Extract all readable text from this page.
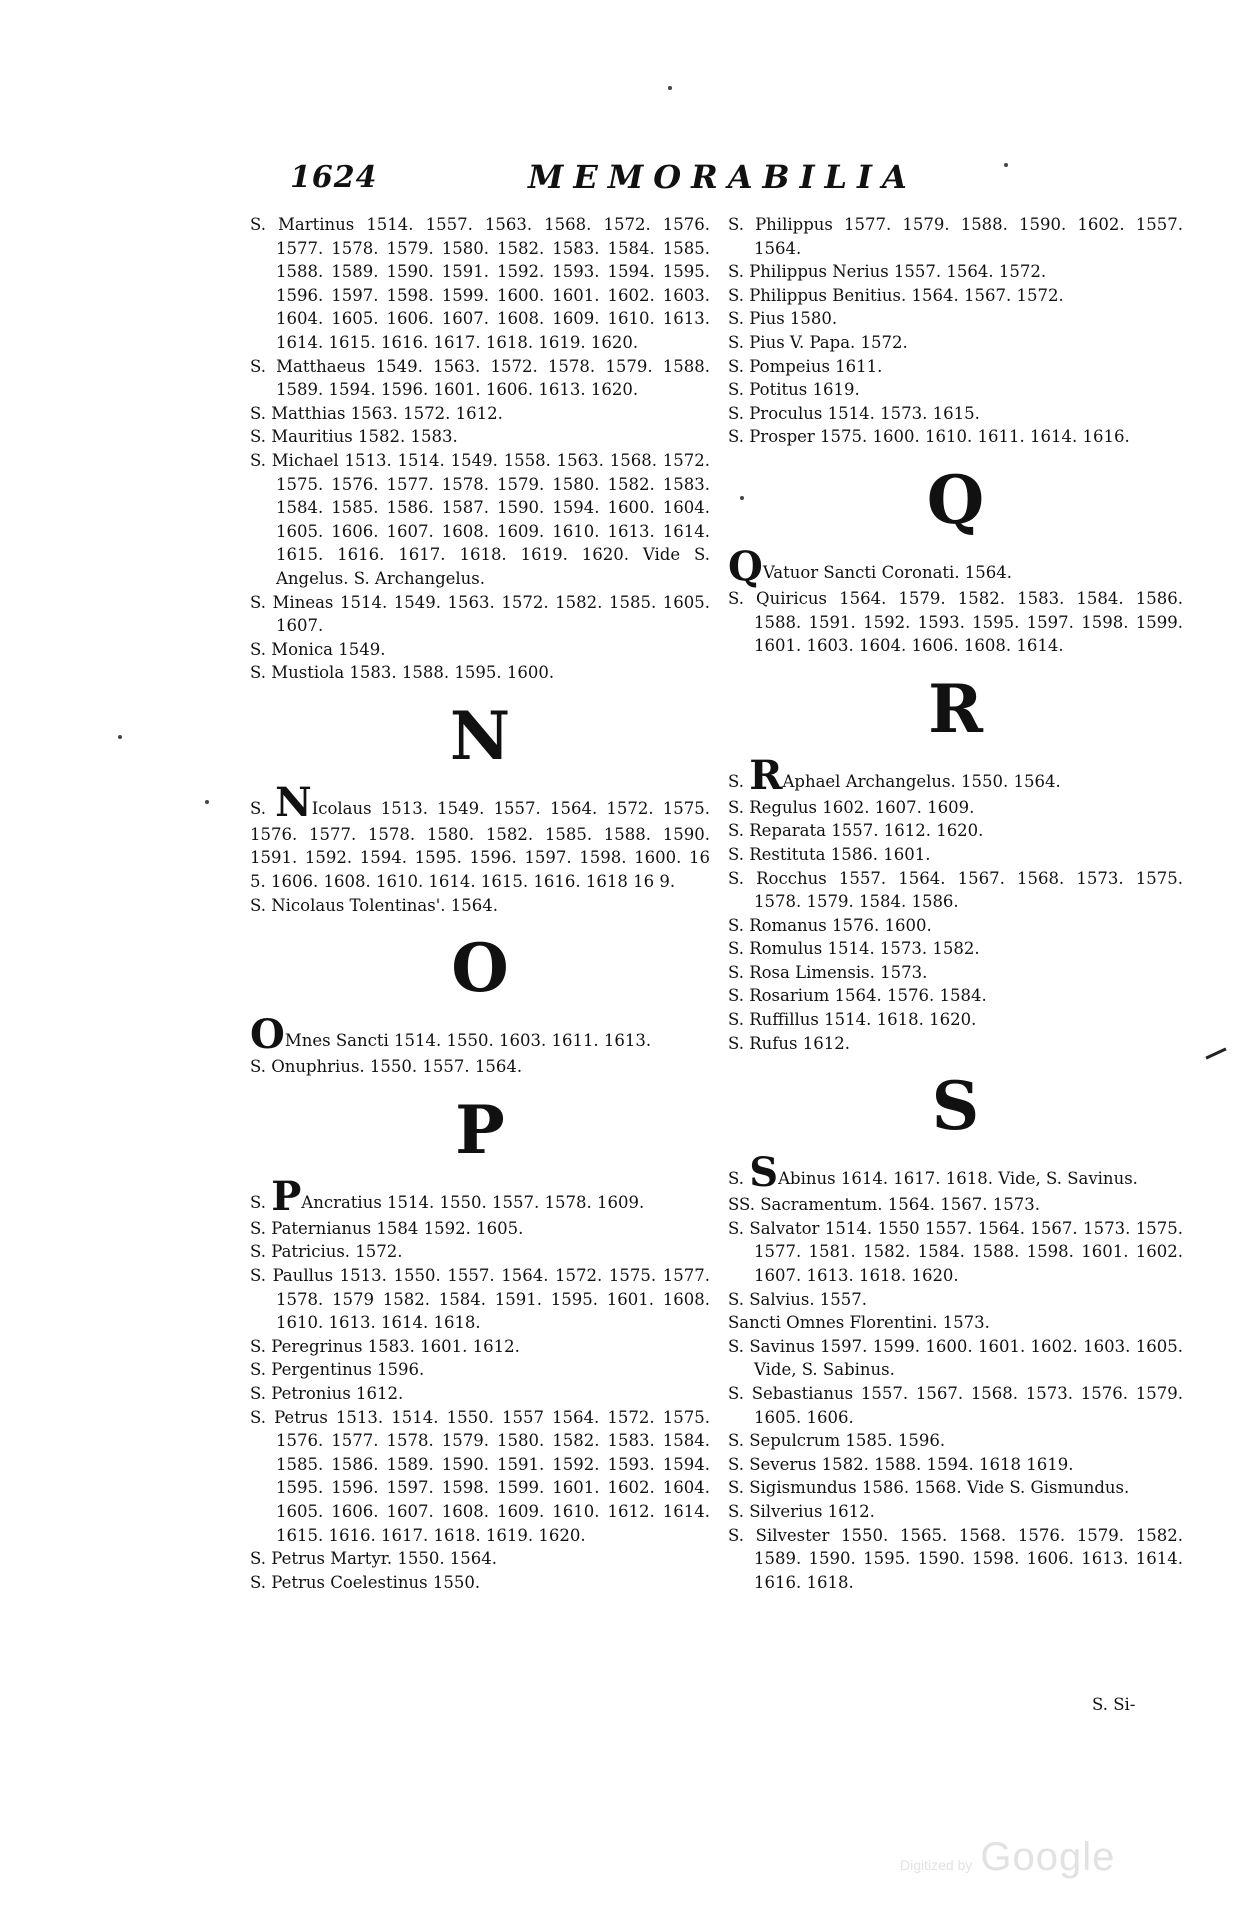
1624	MEMORABILIA
S. Martinus 1514. 1557. 1563. 1568. 1572. 1576. 1577. 1578. 1579. 1580. 1582. 1583. 1584. 1585. 1588. 1589. 1590. 1591. 1592. 1593. 1594. 1595. 1596. 1597. 1598. 1599. 1600. 1601. 1602. 1603. 1604. 1605. 1606. 1607. 1608. 1609. 1610. 1613. 1614. 1615. 1616. 1617. 1618. 1619. 1620.
S. Matthaeus 1549. 1563. 1572. 1578. 1579. 1588. 1589. 1594. 1596. 1601. 1606. 1613. 1620.
S. Matthias 1563. 1572. 1612.
S. Mauritius 1582. 1583.
S. Michael 1513. 1514. 1549. 1558. 1563. 1568. 1572. 1575. 1576. 1577. 1578. 1579. 1580. 1582. 1583. 1584. 1585. 1586. 1587. 1590. 1594. 1600. 1604. 1605. 1606. 1607. 1608. 1609. 1610. 1613. 1614. 1615. 1616. 1617. 1618. 1619. 1620. Vide S. Angelus. S. Archangelus.
S. Mineas 1514. 1549. 1563. 1572. 1582. 1585. 1605. 1607.
S. Monica 1549.
S. Mustiola 1583. 1588. 1595. 1600.
N
S. NIcolaus 1513. 1549. 1557. 1564. 1572. 1575. 1576. 1577. 1578. 1580. 1582. 1585. 1588. 1590. 1591. 1592. 1594. 1595. 1596. 1597. 1598. 1600. 16 5. 1606. 1608. 1610. 1614. 1615. 1616. 1618 16 9.
S. Nicolaus Tolentinas'. 1564.
O
OMnes Sancti 1514. 1550. 1603. 1611. 1613.
S. Onuphrius. 1550. 1557. 1564.
P
S. PAncratius 1514. 1550. 1557. 1578. 1609.
S. Paternianus 1584 1592. 1605.
S. Patricius. 1572.
S. Paullus 1513. 1550. 1557. 1564. 1572. 1575. 1577. 1578. 1579 1582. 1584. 1591. 1595. 1601. 1608. 1610. 1613. 1614. 1618.
S. Peregrinus 1583. 1601. 1612.
S. Pergentinus 1596.
S. Petronius 1612.
S. Petrus 1513. 1514. 1550. 1557 1564. 1572. 1575. 1576. 1577. 1578. 1579. 1580. 1582. 1583. 1584. 1585. 1586. 1589. 1590. 1591. 1592. 1593. 1594. 1595. 1596. 1597. 1598. 1599. 1601. 1602. 1604. 1605. 1606. 1607. 1608. 1609. 1610. 1612. 1614. 1615. 1616. 1617. 1618. 1619. 1620.
S. Petrus Martyr. 1550. 1564.
S. Petrus Coelestinus 1550.
S. Philippus 1577. 1579. 1588. 1590. 1602. 1557. 1564.
S. Philippus Nerius 1557. 1564. 1572.
S. Philippus Benitius. 1564. 1567. 1572.
S. Pius 1580.
S. Pius V. Papa. 1572.
S. Pompeius 1611.
S. Potitus 1619.
S. Proculus 1514. 1573. 1615.
S. Prosper 1575. 1600. 1610. 1611. 1614. 1616.
Q
QVatuor Sancti Coronati. 1564.
S. Quiricus 1564. 1579. 1582. 1583. 1584. 1586. 1588. 1591. 1592. 1593. 1595. 1597. 1598. 1599. 1601. 1603. 1604. 1606. 1608. 1614.
R
S. RAphael Archangelus. 1550. 1564.
S. Regulus 1602. 1607. 1609.
S. Reparata 1557. 1612. 1620.
S. Restituta 1586. 1601.
S. Rocchus 1557. 1564. 1567. 1568. 1573. 1575. 1578. 1579. 1584. 1586.
S. Romanus 1576. 1600.
S. Romulus 1514. 1573. 1582.
S. Rosa Limensis. 1573.
S. Rosarium 1564. 1576. 1584.
S. Ruffillus 1514. 1618. 1620.
S. Rufus 1612.
S
S. SAbinus 1614. 1617. 1618. Vide, S. Savinus.
SS. Sacramentum. 1564. 1567. 1573.
S. Salvator 1514. 1550 1557. 1564. 1567. 1573. 1575. 1577. 1581. 1582. 1584. 1588. 1598. 1601. 1602. 1607. 1613. 1618. 1620.
S. Salvius. 1557.
Sancti Omnes Florentini. 1573.
S. Savinus 1597. 1599. 1600. 1601. 1602. 1603. 1605. Vide, S. Sabinus.
S. Sebastianus 1557. 1567. 1568. 1573. 1576. 1579. 1605. 1606.
S. Sepulcrum 1585. 1596.
S. Severus 1582. 1588. 1594. 1618 1619.
S. Sigismundus 1586. 1568. Vide S. Gismundus.
S. Silverius 1612.
S. Silvester 1550. 1565. 1568. 1576. 1579. 1582. 1589. 1590. 1595. 1590. 1598. 1606. 1613. 1614. 1616. 1618.
S. Si-
Digitized by Google
